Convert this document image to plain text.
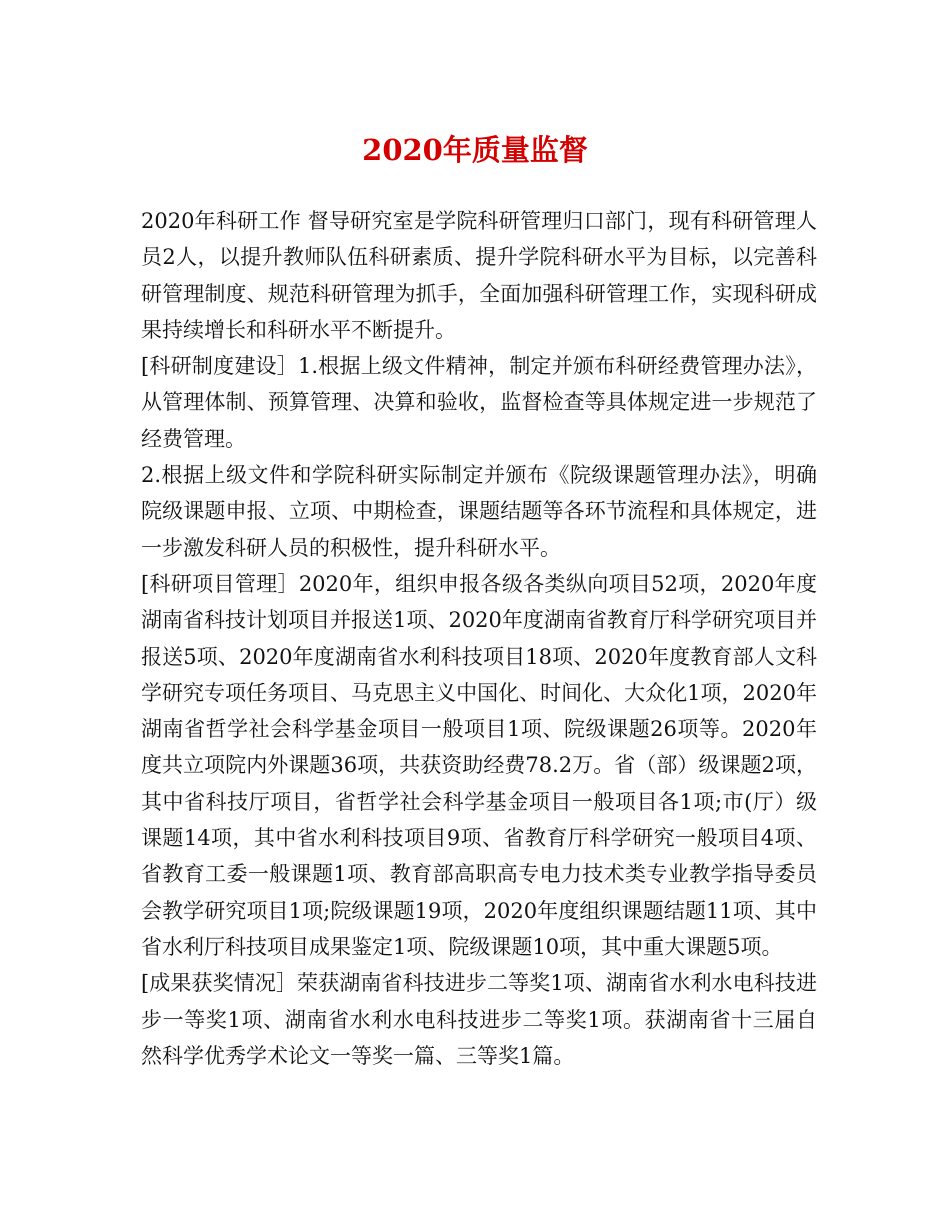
2020年质量监督

2020年科研工作 督导研究室是学院科研管理归口部门，现有科研管理人员2人，以提升教师队伍科研素质、提升学院科研水平为目标，以完善科研管理制度、规范科研管理为抓手，全面加强科研管理工作，实现科研成果持续增长和科研水平不断提升。

[科研制度建设］1.根据上级文件精神，制定并颁布科研经费管理办法》，从管理体制、预算管理、决算和验收，监督检查等具体规定进一步规范了经费管理。

2.根据上级文件和学院科研实际制定并颁布《院级课题管理办法》，明确院级课题申报、立项、中期检查，课题结题等各环节流程和具体规定，进一步激发科研人员的积极性，提升科研水平。

[科研项目管理］2020年，组织申报各级各类纵向项目52项，2020年度湖南省科技计划项目并报送1项、2020年度湖南省教育厅科学研究项目并报送5项、2020年度湖南省水利科技项目18项、2020年度教育部人文科学研究专项任务项目、马克思主义中国化、时间化、大众化1项，2020年湖南省哲学社会科学基金项目一般项目1项、院级课题26项等。2020年度共立项院内外课题36项，共获资助经费78.2万。省（部）级课题2项，其中省科技厅项目，省哲学社会科学基金项目一般项目各1项;市(厅）级课题14项，其中省水利科技项目9项、省教育厅科学研究一般项目4项、省教育工委一般课题1项、教育部高职高专电力技术类专业教学指导委员会教学研究项目1项;院级课题19项，2020年度组织课题结题11项、其中省水利厅科技项目成果鉴定1项、院级课题10项，其中重大课题5项。

[成果获奖情况］荣获湖南省科技进步二等奖1项、湖南省水利水电科技进步一等奖1项、湖南省水利水电科技进步二等奖1项。获湖南省十三届自然科学优秀学术论文一等奖一篇、三等奖1篇。
